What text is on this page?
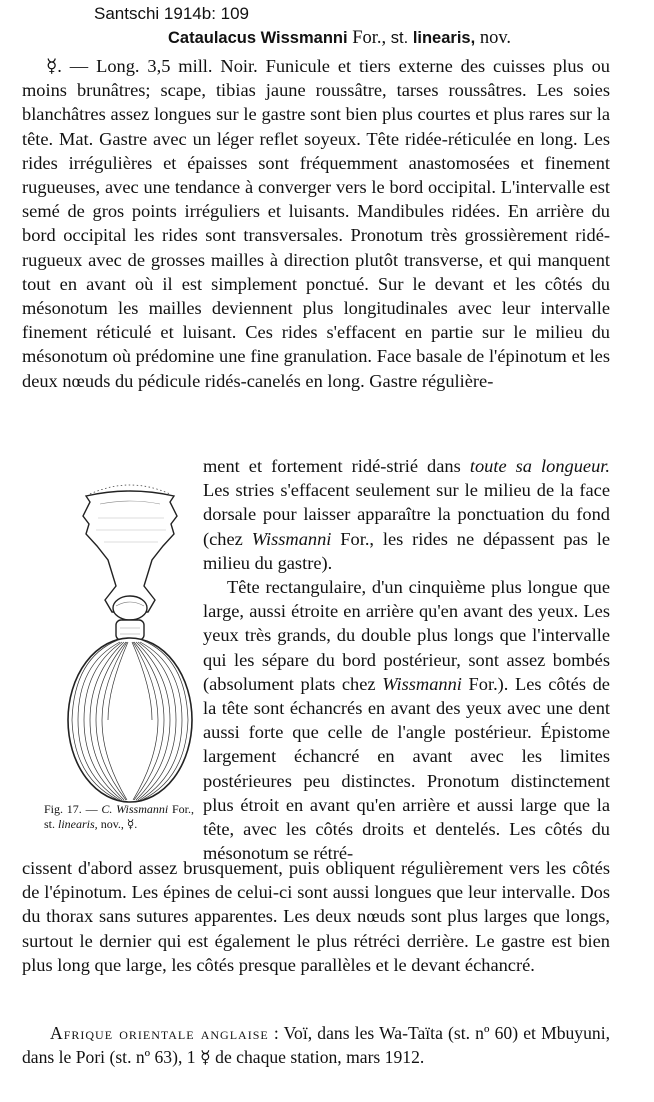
Santschi 1914b: 109
Cataulacus Wissmanni For., st. linearis, nov.

☿. — Long. 3,5 mill. Noir. Funicule et tiers externe des cuisses plus ou moins brunâtres; scape, tibias jaune roussâtre, tarses roussâtres. Les soies blanchâtres assez longues sur le gastre sont bien plus courtes et plus rares sur la tête. Mat. Gastre avec un léger reflet soyeux. Tête ridée-réticulée en long. Les rides irrégulières et épaisses sont fréquemment anastomosées et finement rugueuses, avec une tendance à converger vers le bord occipital. L'intervalle est semé de gros points irréguliers et luisants. Mandibules ridées. En arrière du bord occipital les rides sont transversales. Pronotum très grossièrement ridé-rugueux avec de grosses mailles à direction plutôt transverse, et qui manquent tout en avant où il est simplement ponctué. Sur le devant et les côtés du mésonotum les mailles deviennent plus longitudinales avec leur intervalle finement réticulé et luisant. Ces rides s'effacent en partie sur le milieu du mésonotum où prédomine une fine granulation. Face basale de l'épinotum et les deux nœuds du pédicule ridés-canelés en long. Gastre régulière-

ment et fortement ridé-strié dans toute sa longueur. Les stries s'effacent seulement sur le milieu de la face dorsale pour laisser apparaître la ponctuation du fond (chez Wissmanni For., les rides ne dépassent pas le milieu du gastre).

Tête rectangulaire, d'un cinquième plus longue que large, aussi étroite en arrière qu'en avant des yeux. Les yeux très grands, du double plus longs que l'intervalle qui les sépare du bord postérieur, sont assez bombés (absolument plats chez Wissmanni For.). Les côtés de la tête sont échancrés en avant des yeux avec une dent aussi forte que celle de l'angle postérieur. Épistome largement échancré en avant avec les limites postérieures peu distinctes. Pronotum distinctement plus étroit en avant qu'en arrière et aussi large que la tête, avec les côtés droits et dentelés. Les côtés du mésonotum se rétré-

cissent d'abord assez brusquement, puis obliquent régulièrement vers les côtés de l'épinotum. Les épines de celui-ci sont aussi longues que leur intervalle. Dos du thorax sans sutures apparentes. Les deux nœuds sont plus larges que longs, surtout le dernier qui est également le plus rétréci derrière. Le gastre est bien plus long que large, les côtés presque parallèles et le devant échancré.

Afrique orientale anglaise : Voï, dans les Wa-Taïta (st. nº 60) et Mbuyuni, dans le Pori (st. nº 63), 1 ☿ de chaque station, mars 1912.

Fig. 17. — C. Wissmanni For., st. linearis, nov., ☿.
